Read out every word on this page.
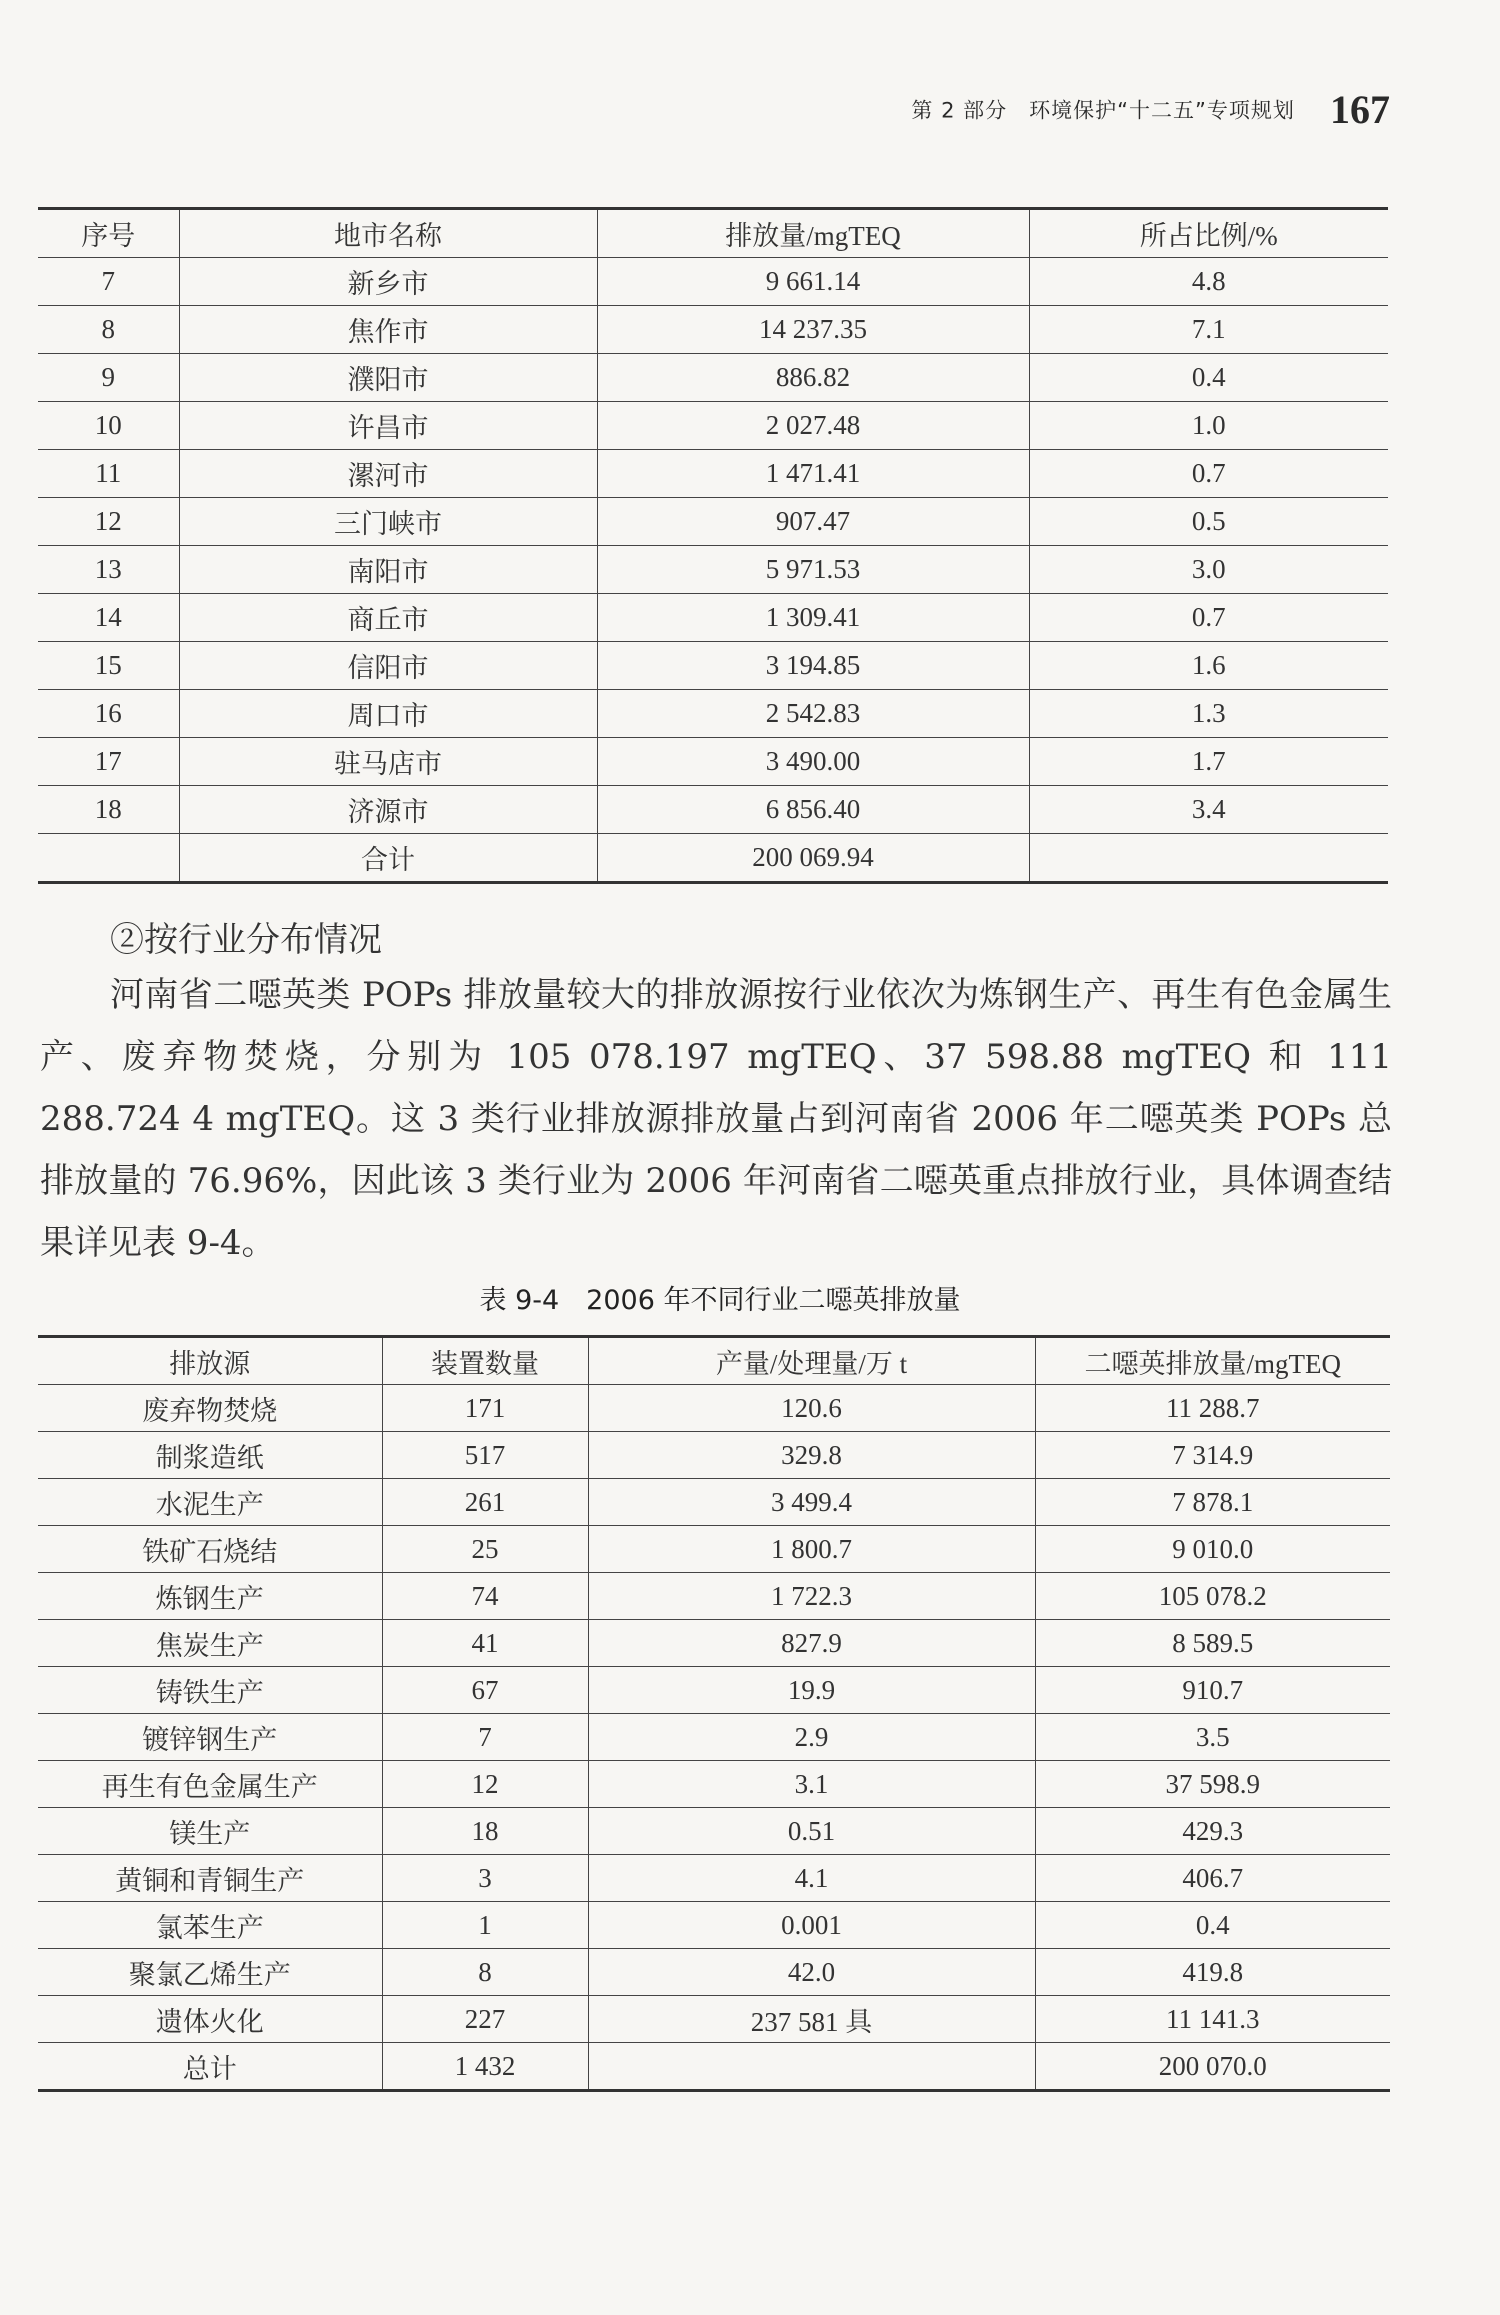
第 2 部分　环境保护“十二五”专项规划 167
序号	地市名称	排放量/mgTEQ	所占比例/%
7	新乡市	9 661.14	4.8
8	焦作市	14 237.35	7.1
9	濮阳市	886.82	0.4
10	许昌市	2 027.48	1.0
11	漯河市	1 471.41	0.7
12	三门峡市	907.47	0.5
13	南阳市	5 971.53	3.0
14	商丘市	1 309.41	0.7
15	信阳市	3 194.85	1.6
16	周口市	2 542.83	1.3
17	驻马店市	3 490.00	1.7
18	济源市	6 856.40	3.4
	合计	200 069.94	
②按行业分布情况
河南省二噁英类 POPs 排放量较大的排放源按行业依次为炼钢生产、再生有色金属生产、废弃物焚烧，分别为 105 078.197 mgTEQ、37 598.88 mgTEQ 和 111 288.724 4 mgTEQ。这 3 类行业排放源排放量占到河南省 2006 年二噁英类 POPs 总排放量的 76.96%，因此该 3 类行业为 2006 年河南省二噁英重点排放行业，具体调查结果详见表 9-4。
表 9-4　2006 年不同行业二噁英排放量
排放源	装置数量	产量/处理量/万 t	二噁英排放量/mgTEQ
废弃物焚烧	171	120.6	11 288.7
制浆造纸	517	329.8	7 314.9
水泥生产	261	3 499.4	7 878.1
铁矿石烧结	25	1 800.7	9 010.0
炼钢生产	74	1 722.3	105 078.2
焦炭生产	41	827.9	8 589.5
铸铁生产	67	19.9	910.7
镀锌钢生产	7	2.9	3.5
再生有色金属生产	12	3.1	37 598.9
镁生产	18	0.51	429.3
黄铜和青铜生产	3	4.1	406.7
氯苯生产	1	0.001	0.4
聚氯乙烯生产	8	42.0	419.8
遗体火化	227	237 581 具	11 141.3
总计	1 432		200 070.0
